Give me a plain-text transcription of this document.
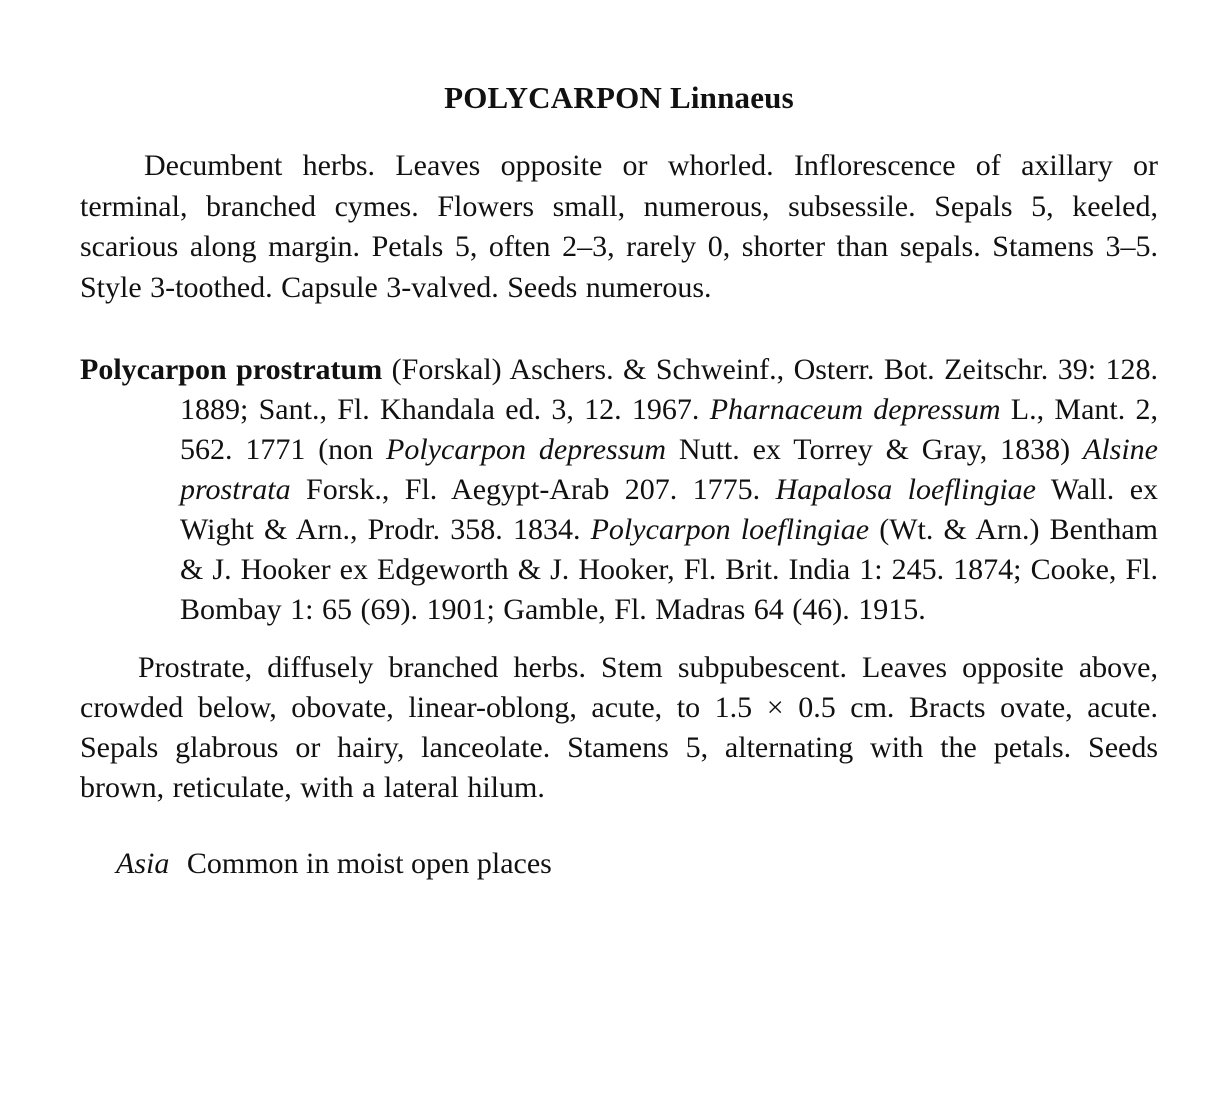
POLYCARPON Linnaeus

Decumbent herbs. Leaves opposite or whorled. Inflorescence of axillary or terminal, branched cymes. Flowers small, numerous, subsessile. Sepals 5, keeled, scarious along margin. Petals 5, often 2–3, rarely 0, shorter than sepals. Stamens 3–5. Style 3-toothed. Capsule 3-valved. Seeds numerous.

Polycarpon prostratum (Forskal) Aschers. & Schweinf., Osterr. Bot. Zeitschr. 39: 128. 1889; Sant., Fl. Khandala ed. 3, 12. 1967. Pharnaceum depressum L., Mant. 2, 562. 1771 (non Polycarpon depressum Nutt. ex Torrey & Gray, 1838) Alsine prostrata Forsk., Fl. Aegypt-Arab 207. 1775. Hapalosa loeflingiae Wall. ex Wight & Arn., Prodr. 358. 1834. Polycarpon loeflingiae (Wt. & Arn.) Bentham & J. Hooker ex Edgeworth & J. Hooker, Fl. Brit. India 1: 245. 1874; Cooke, Fl. Bombay 1: 65 (69). 1901; Gamble, Fl. Madras 64 (46). 1915.

Prostrate, diffusely branched herbs. Stem subpubescent. Leaves opposite above, crowded below, obovate, linear-oblong, acute, to 1.5 × 0.5 cm. Bracts ovate, acute. Sepals glabrous or hairy, lanceolate. Stamens 5, alternating with the petals. Seeds brown, reticulate, with a lateral hilum.

Asia Common in moist open places
